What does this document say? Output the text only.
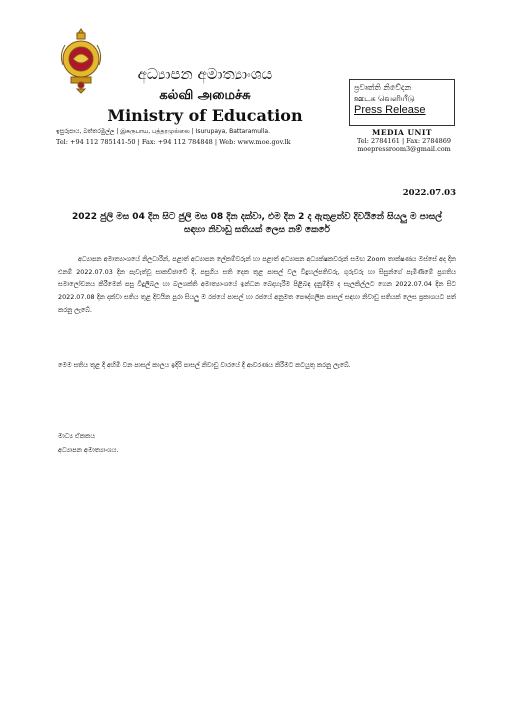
අධ්‍යාපන අමාත්‍යාංශය
கல்வி அமைச்சு
Ministry of Education
ඉසුරුපාය, බත්තරමුල්ල | இசுருபாய, பத்தரமுல்லை | Isurupaya, Battaramulla.
Tel: +94 112 785141-50 | Fax: +94 112 784848 | Web: www.moe.gov.lk
ප්‍රවෘත්ති නිවේදන
ஊடக வெளியீடு
Press Release
MEDIA UNIT
Tel: 2784161 | Fax: 2784869
moepressroom3@gmail.com
2022.07.03
2022 ජුලි මස 04 දින සිට ජුලි මස 08 දින දක්වා, එම දින 2 ද ඇතුළත්ව දිවයිනේ සියලු ම පාසල් සඳහා නිවාඩු සතියක් ලෙස නම් කෙරේ
අධ්‍යාපන අමාත්‍යාංශයේ නිලධාරීන්, පළාත් අධ්‍යාපන ලේකම්වරුන් හා පළාත් අධ්‍යාපන අධ්‍යක්ෂකවරුන් සමඟ Zoom තාක්ෂණය ඔස්සේ අද දින එනම් 2022.07.03 දින පැවැත්වූ සාකච්ඡාවේ දී, පසුගිය සති දෙක තුළ පාසල් වල විදුහල්පතිවරු, ගුරුවරු හා සිසුන්ගේ පැමිණීමේ ප්‍රගතිය සමාලෝචනය කිරීමෙන් පසු විදුලිබල හා බලශක්ති අමාත්‍යාංශයේ ඉන්ධන බෙදාහැරීම පිළිබඳ දැනුම්දීම ද සැලකිල්ලට ගෙන 2022.07.04 දින සිට 2022.07.08 දින දක්වා සතිය තුළ දිවයින පුරා සියලු ම රජයේ පාසල් හා රජයේ අනුමත පෞද්ගලික පාසල් සඳහා නිවාඩු සතියක් ලෙස ප්‍රකාශයට පත් කරනු ලැබේ.
මෙම සතිය තුළ දී අහිමි වන පාසල් කාලය ඉදිරි පාසල් නිවාඩු වාරයේ දී ආවරණය කිරීමට කටයුතු කරනු ලැබේ.
මාධ්‍ය ඒකකය
අධ්‍යාපන අමාත්‍යාංශය.
